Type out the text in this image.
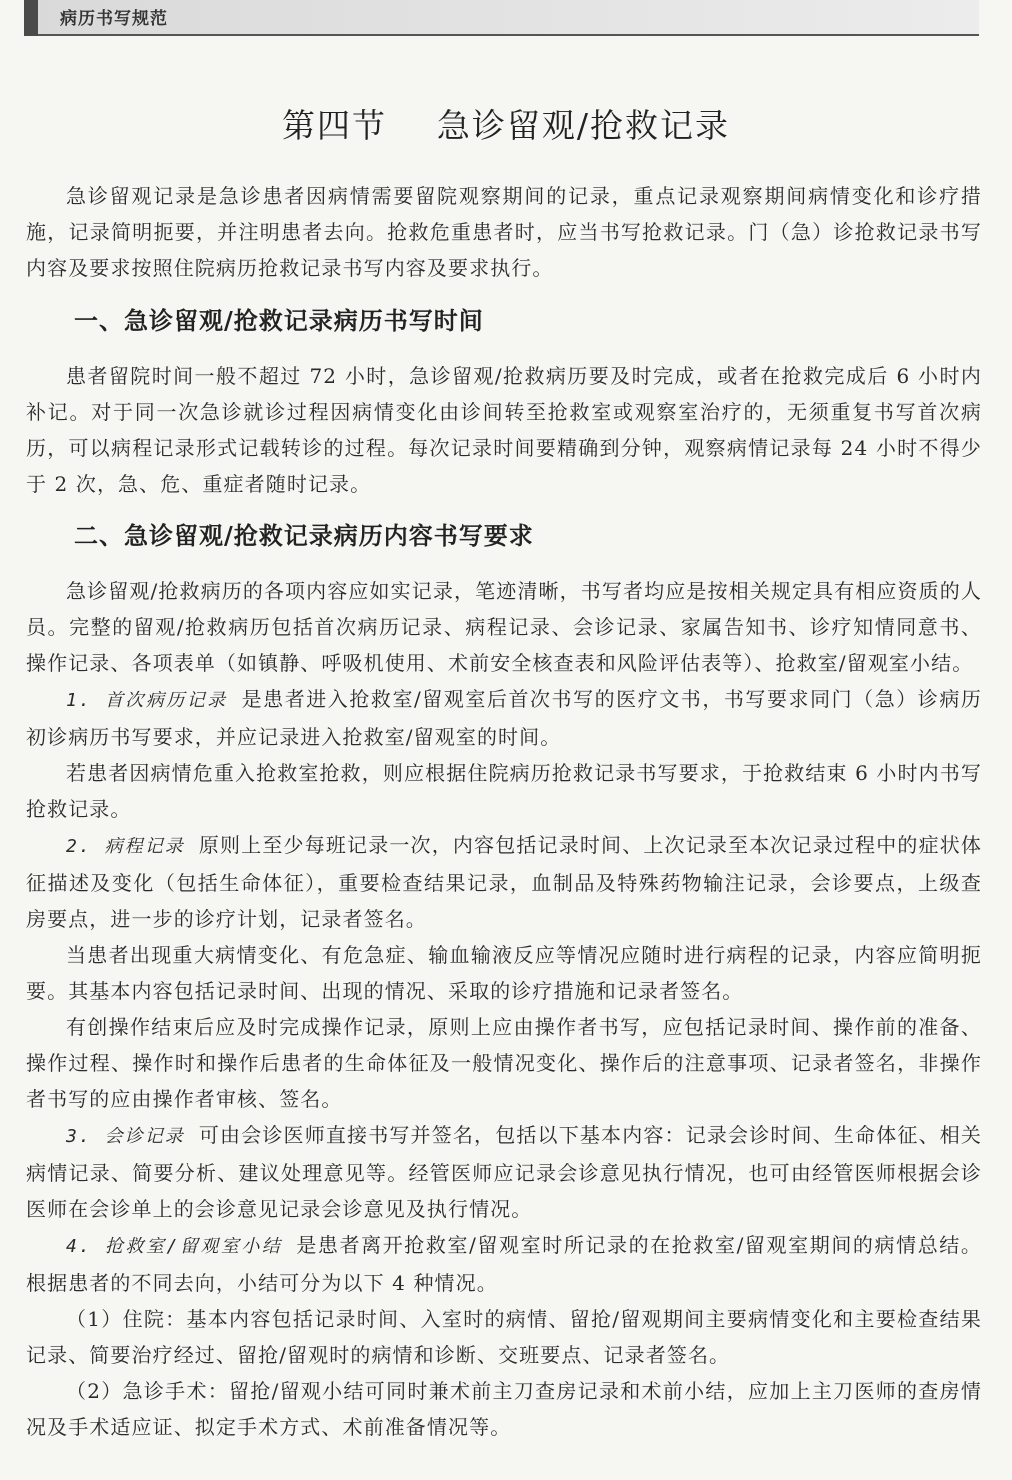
病历书写规范
第四节    急诊留观/抢救记录

急诊留观记录是急诊患者因病情需要留院观察期间的记录，重点记录观察期间病情变化和诊疗措施，记录简明扼要，并注明患者去向。抢救危重患者时，应当书写抢救记录。门（急）诊抢救记录书写内容及要求按照住院病历抢救记录书写内容及要求执行。

一、急诊留观/抢救记录病历书写时间

患者留院时间一般不超过 72 小时，急诊留观/抢救病历要及时完成，或者在抢救完成后 6 小时内补记。对于同一次急诊就诊过程因病情变化由诊间转至抢救室或观察室治疗的，无须重复书写首次病历，可以病程记录形式记载转诊的过程。每次记录时间要精确到分钟，观察病情记录每 24 小时不得少于 2 次，急、危、重症者随时记录。

二、急诊留观/抢救记录病历内容书写要求

急诊留观/抢救病历的各项内容应如实记录，笔迹清晰，书写者均应是按相关规定具有相应资质的人员。完整的留观/抢救病历包括首次病历记录、病程记录、会诊记录、家属告知书、诊疗知情同意书、操作记录、各项表单（如镇静、呼吸机使用、术前安全核查表和风险评估表等）、抢救室/留观室小结。

1. 首次病历记录 是患者进入抢救室/留观室后首次书写的医疗文书，书写要求同门（急）诊病历初诊病历书写要求，并应记录进入抢救室/留观室的时间。

若患者因病情危重入抢救室抢救，则应根据住院病历抢救记录书写要求，于抢救结束 6 小时内书写抢救记录。

2. 病程记录 原则上至少每班记录一次，内容包括记录时间、上次记录至本次记录过程中的症状体征描述及变化（包括生命体征），重要检查结果记录，血制品及特殊药物输注记录，会诊要点，上级查房要点，进一步的诊疗计划，记录者签名。

当患者出现重大病情变化、有危急症、输血输液反应等情况应随时进行病程的记录，内容应简明扼要。其基本内容包括记录时间、出现的情况、采取的诊疗措施和记录者签名。

有创操作结束后应及时完成操作记录，原则上应由操作者书写，应包括记录时间、操作前的准备、操作过程、操作时和操作后患者的生命体征及一般情况变化、操作后的注意事项、记录者签名，非操作者书写的应由操作者审核、签名。

3. 会诊记录 可由会诊医师直接书写并签名，包括以下基本内容：记录会诊时间、生命体征、相关病情记录、简要分析、建议处理意见等。经管医师应记录会诊意见执行情况，也可由经管医师根据会诊医师在会诊单上的会诊意见记录会诊意见及执行情况。

4. 抢救室/留观室小结 是患者离开抢救室/留观室时所记录的在抢救室/留观室期间的病情总结。根据患者的不同去向，小结可分为以下 4 种情况。

（1）住院：基本内容包括记录时间、入室时的病情、留抢/留观期间主要病情变化和主要检查结果记录、简要治疗经过、留抢/留观时的病情和诊断、交班要点、记录者签名。

（2）急诊手术：留抢/留观小结可同时兼术前主刀查房记录和术前小结，应加上主刀医师的查房情况及手术适应证、拟定手术方式、术前准备情况等。
